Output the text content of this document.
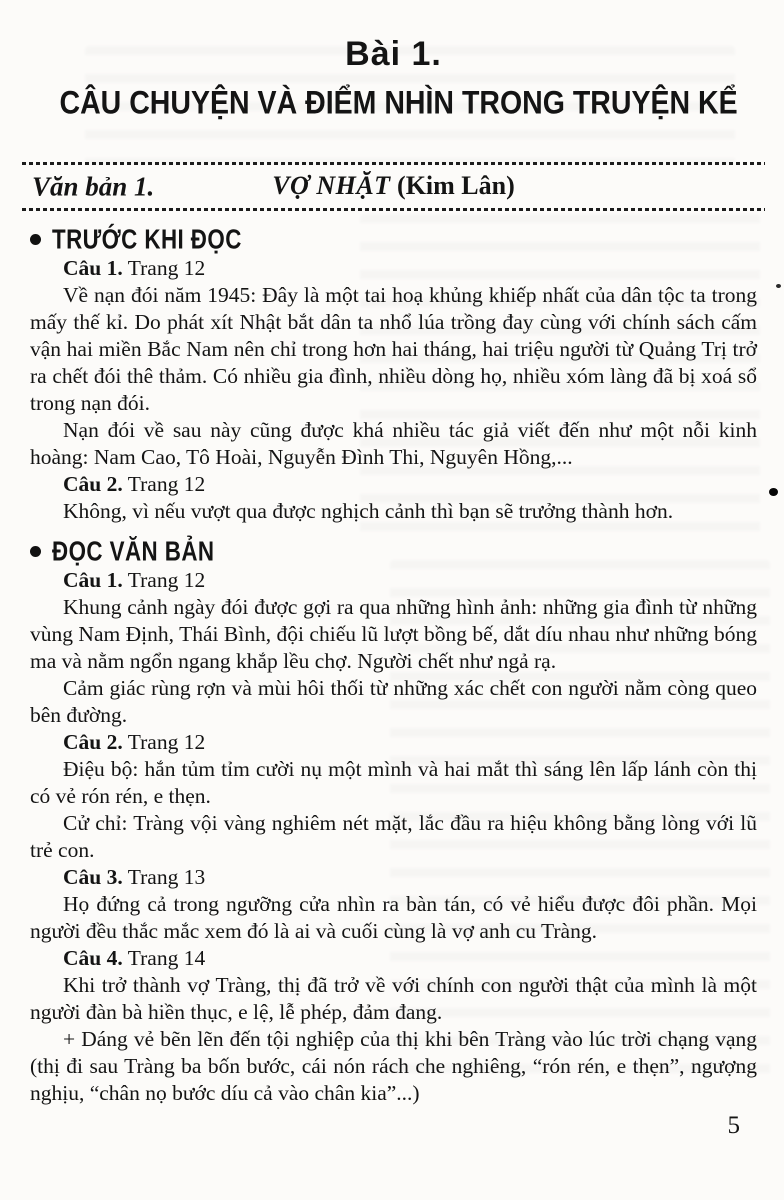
Bài 1.
CÂU CHUYỆN VÀ ĐIỂM NHÌN TRONG TRUYỆN KỂ
Văn bản 1.	VỢ NHẶT (Kim Lân)
TRƯỚC KHI ĐỌC

Câu 1. Trang 12

Về nạn đói năm 1945: Đây là một tai hoạ khủng khiếp nhất của dân tộc ta trong mấy thế kỉ. Do phát xít Nhật bắt dân ta nhổ lúa trồng đay cùng với chính sách cấm vận hai miền Bắc Nam nên chỉ trong hơn hai tháng, hai triệu người từ Quảng Trị trở ra chết đói thê thảm. Có nhiều gia đình, nhiều dòng họ, nhiều xóm làng đã bị xoá sổ trong nạn đói.

Nạn đói về sau này cũng được khá nhiều tác giả viết đến như một nỗi kinh hoàng: Nam Cao, Tô Hoài, Nguyễn Đình Thi, Nguyên Hồng,...

Câu 2. Trang 12

Không, vì nếu vượt qua được nghịch cảnh thì bạn sẽ trưởng thành hơn.

ĐỌC VĂN BẢN

Câu 1. Trang 12

Khung cảnh ngày đói được gợi ra qua những hình ảnh: những gia đình từ những vùng Nam Định, Thái Bình, đội chiếu lũ lượt bồng bế, dắt díu nhau như những bóng ma và nằm ngổn ngang khắp lều chợ. Người chết như ngả rạ.

Cảm giác rùng rợn và mùi hôi thối từ những xác chết con người nằm còng queo bên đường.

Câu 2. Trang 12

Điệu bộ: hắn tủm tỉm cười nụ một mình và hai mắt thì sáng lên lấp lánh còn thị có vẻ rón rén, e thẹn.

Cử chỉ: Tràng vội vàng nghiêm nét mặt, lắc đầu ra hiệu không bằng lòng với lũ trẻ con.

Câu 3. Trang 13

Họ đứng cả trong ngưỡng cửa nhìn ra bàn tán, có vẻ hiểu được đôi phần. Mọi người đều thắc mắc xem đó là ai và cuối cùng là vợ anh cu Tràng.

Câu 4. Trang 14

Khi trở thành vợ Tràng, thị đã trở về với chính con người thật của mình là một người đàn bà hiền thục, e lệ, lễ phép, đảm đang.

+ Dáng vẻ bẽn lẽn đến tội nghiệp của thị khi bên Tràng vào lúc trời chạng vạng (thị đi sau Tràng ba bốn bước, cái nón rách che nghiêng, “rón rén, e thẹn”, ngượng nghịu, “chân nọ bước díu cả vào chân kia”...)

5
